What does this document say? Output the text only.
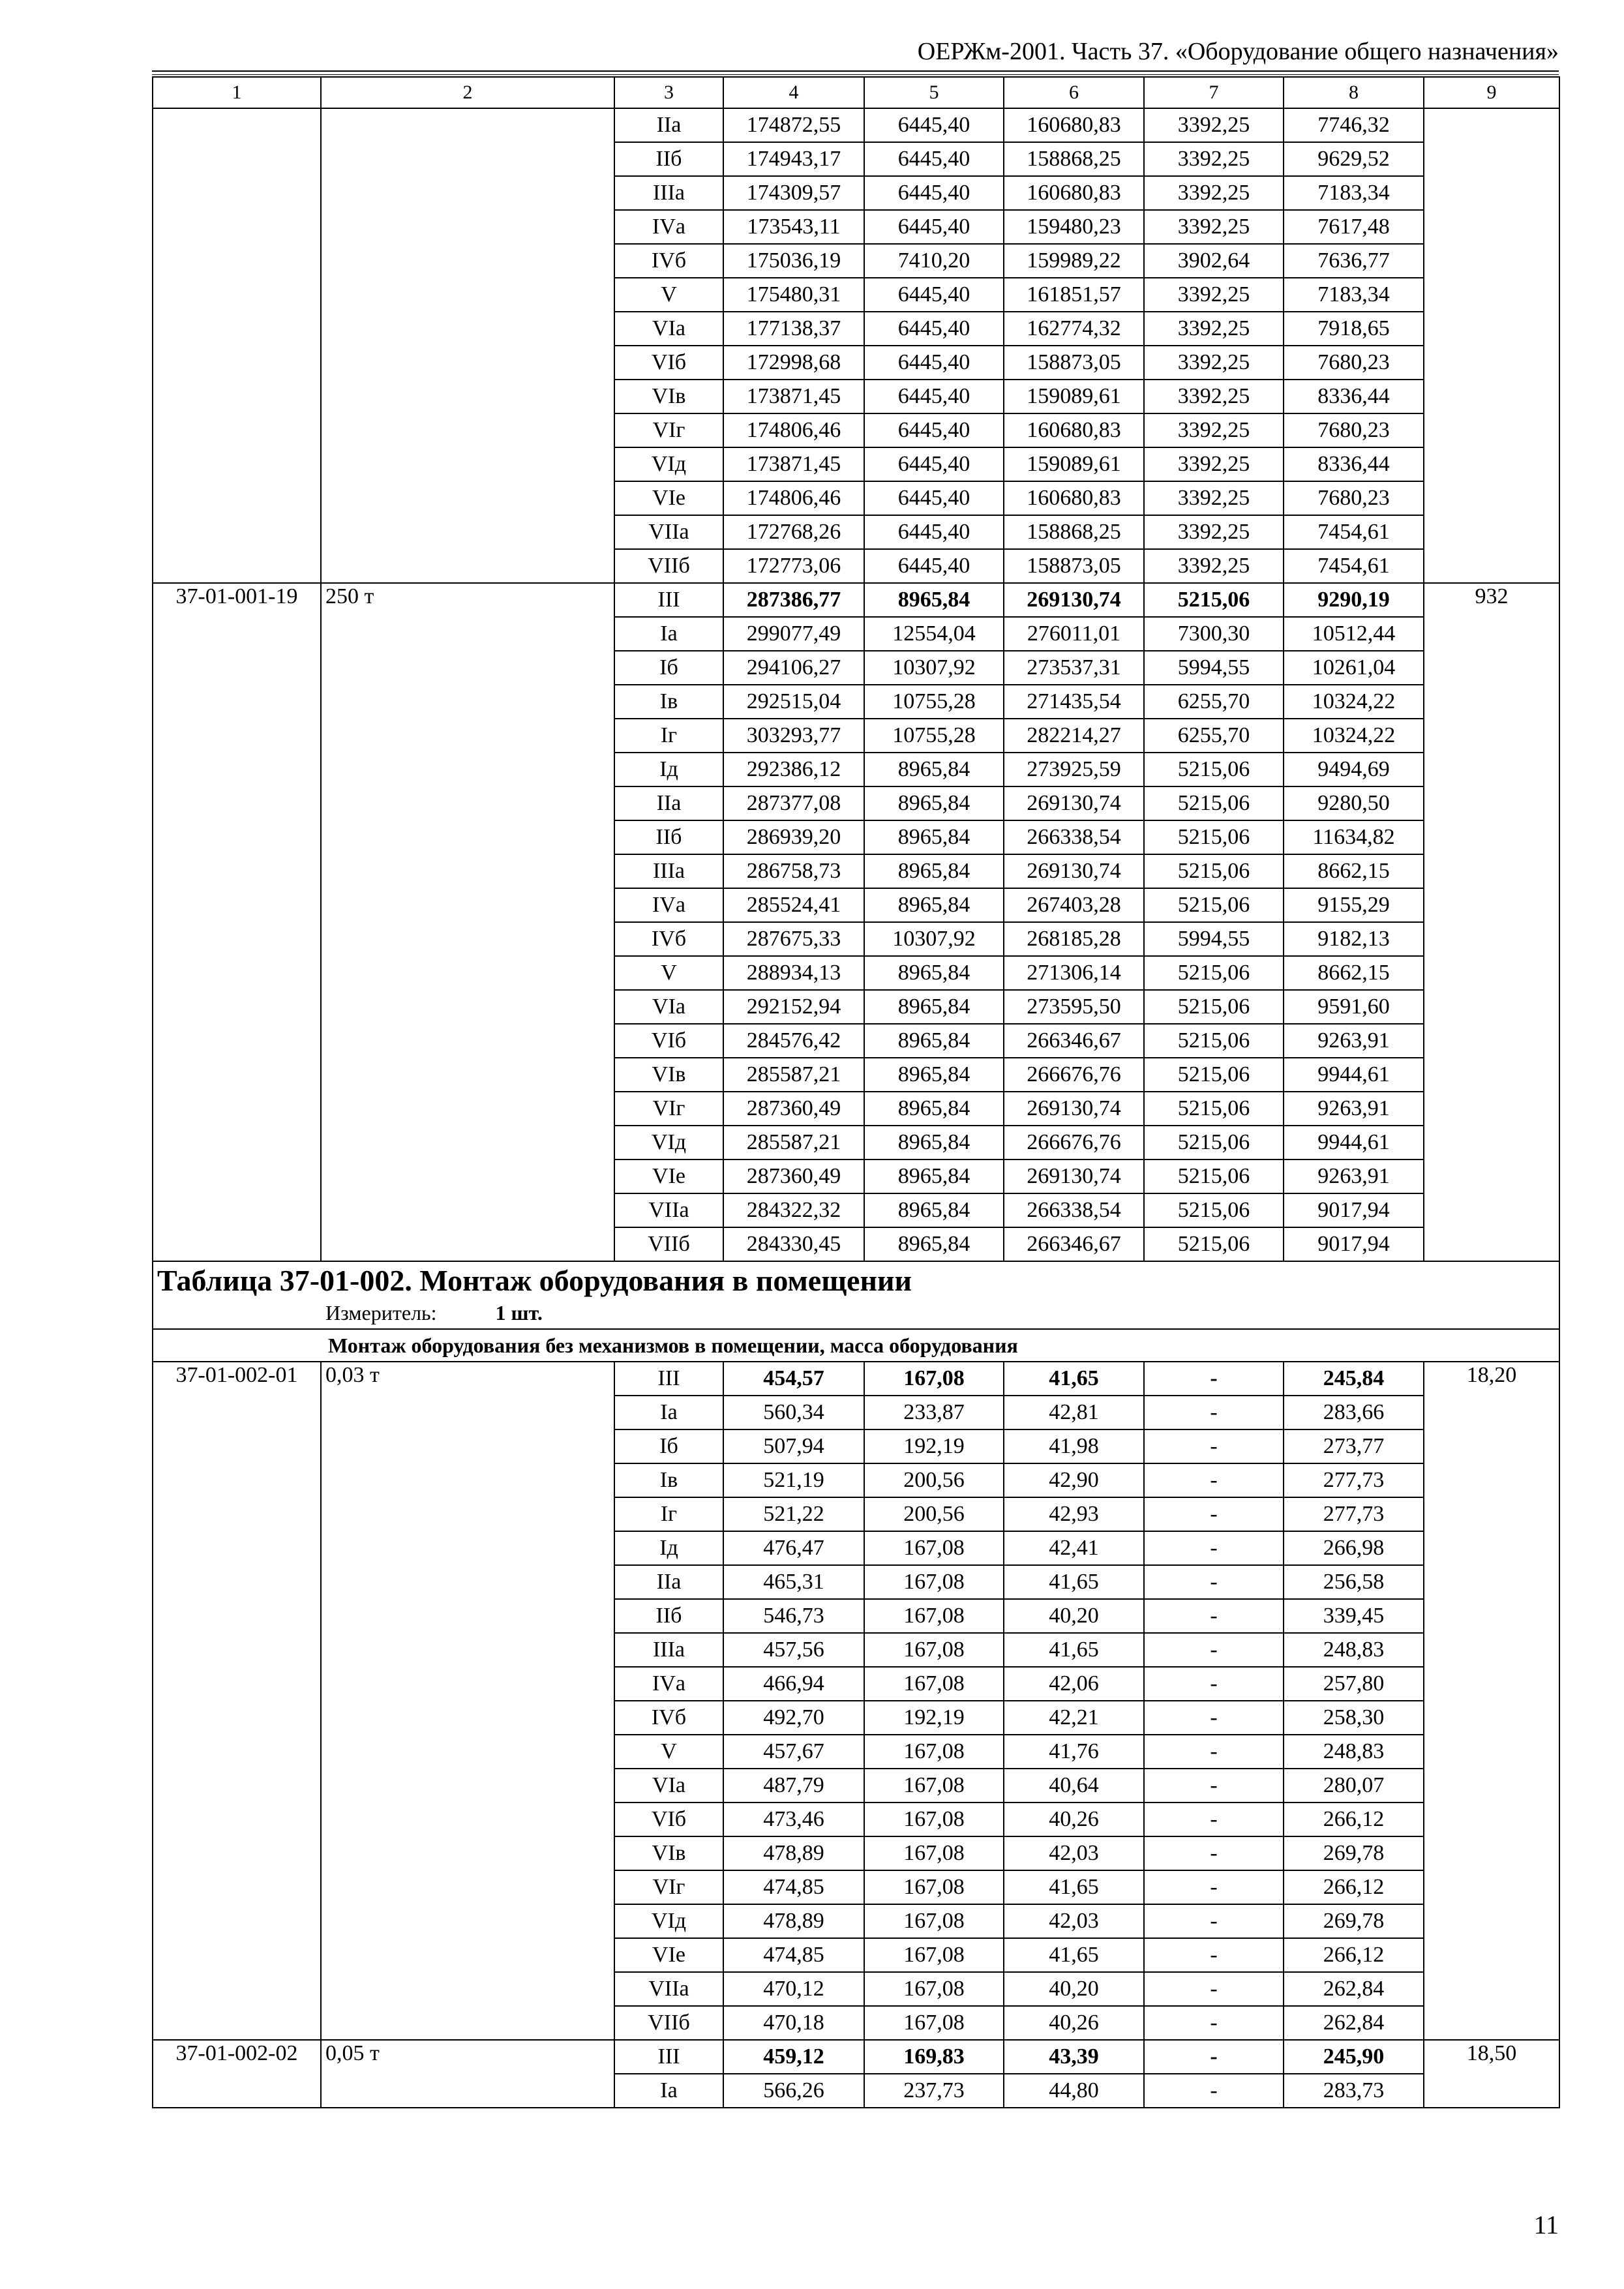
ОЕРЖм-2001. Часть 37. «Оборудование общего назначения»
1	2	3	4	5	6	7	8	9
		IIа	174872,55	6445,40	160680,83	3392,25	7746,32	
		IIб	174943,17	6445,40	158868,25	3392,25	9629,52	
		IIIа	174309,57	6445,40	160680,83	3392,25	7183,34	
		IVа	173543,11	6445,40	159480,23	3392,25	7617,48	
		IVб	175036,19	7410,20	159989,22	3902,64	7636,77	
		V	175480,31	6445,40	161851,57	3392,25	7183,34	
		VIа	177138,37	6445,40	162774,32	3392,25	7918,65	
		VIб	172998,68	6445,40	158873,05	3392,25	7680,23	
		VIв	173871,45	6445,40	159089,61	3392,25	8336,44	
		VIг	174806,46	6445,40	160680,83	3392,25	7680,23	
		VIд	173871,45	6445,40	159089,61	3392,25	8336,44	
		VIе	174806,46	6445,40	160680,83	3392,25	7680,23	
		VIIа	172768,26	6445,40	158868,25	3392,25	7454,61	
		VIIб	172773,06	6445,40	158873,05	3392,25	7454,61	
37-01-001-19	250 т	III	287386,77	8965,84	269130,74	5215,06	9290,19	932
		Iа	299077,49	12554,04	276011,01	7300,30	10512,44	
		Iб	294106,27	10307,92	273537,31	5994,55	10261,04	
		Iв	292515,04	10755,28	271435,54	6255,70	10324,22	
		Iг	303293,77	10755,28	282214,27	6255,70	10324,22	
		Iд	292386,12	8965,84	273925,59	5215,06	9494,69	
		IIа	287377,08	8965,84	269130,74	5215,06	9280,50	
		IIб	286939,20	8965,84	266338,54	5215,06	11634,82	
		IIIа	286758,73	8965,84	269130,74	5215,06	8662,15	
		IVа	285524,41	8965,84	267403,28	5215,06	9155,29	
		IVб	287675,33	10307,92	268185,28	5994,55	9182,13	
		V	288934,13	8965,84	271306,14	5215,06	8662,15	
		VIа	292152,94	8965,84	273595,50	5215,06	9591,60	
		VIб	284576,42	8965,84	266346,67	5215,06	9263,91	
		VIв	285587,21	8965,84	266676,76	5215,06	9944,61	
		VIг	287360,49	8965,84	269130,74	5215,06	9263,91	
		VIд	285587,21	8965,84	266676,76	5215,06	9944,61	
		VIе	287360,49	8965,84	269130,74	5215,06	9263,91	
		VIIа	284322,32	8965,84	266338,54	5215,06	9017,94	
		VIIб	284330,45	8965,84	266346,67	5215,06	9017,94	

Таблица 37-01-002. Монтаж оборудования в помещении
Измеритель: 1 шт.								

Монтаж оборудования без механизмов в помещении, масса оборудования								
37-01-002-01	0,03 т	III	454,57	167,08	41,65	-	245,84	18,20
		Iа	560,34	233,87	42,81	-	283,66	
		Iб	507,94	192,19	41,98	-	273,77	
		Iв	521,19	200,56	42,90	-	277,73	
		Iг	521,22	200,56	42,93	-	277,73	
		Iд	476,47	167,08	42,41	-	266,98	
		IIа	465,31	167,08	41,65	-	256,58	
		IIб	546,73	167,08	40,20	-	339,45	
		IIIа	457,56	167,08	41,65	-	248,83	
		IVа	466,94	167,08	42,06	-	257,80	
		IVб	492,70	192,19	42,21	-	258,30	
		V	457,67	167,08	41,76	-	248,83	
		VIа	487,79	167,08	40,64	-	280,07	
		VIб	473,46	167,08	40,26	-	266,12	
		VIв	478,89	167,08	42,03	-	269,78	
		VIг	474,85	167,08	41,65	-	266,12	
		VIд	478,89	167,08	42,03	-	269,78	
		VIе	474,85	167,08	41,65	-	266,12	
		VIIа	470,12	167,08	40,20	-	262,84	
		VIIб	470,18	167,08	40,26	-	262,84	
37-01-002-02	0,05 т	III	459,12	169,83	43,39	-	245,90	18,50
		Iа	566,26	237,73	44,80	-	283,73	
11
